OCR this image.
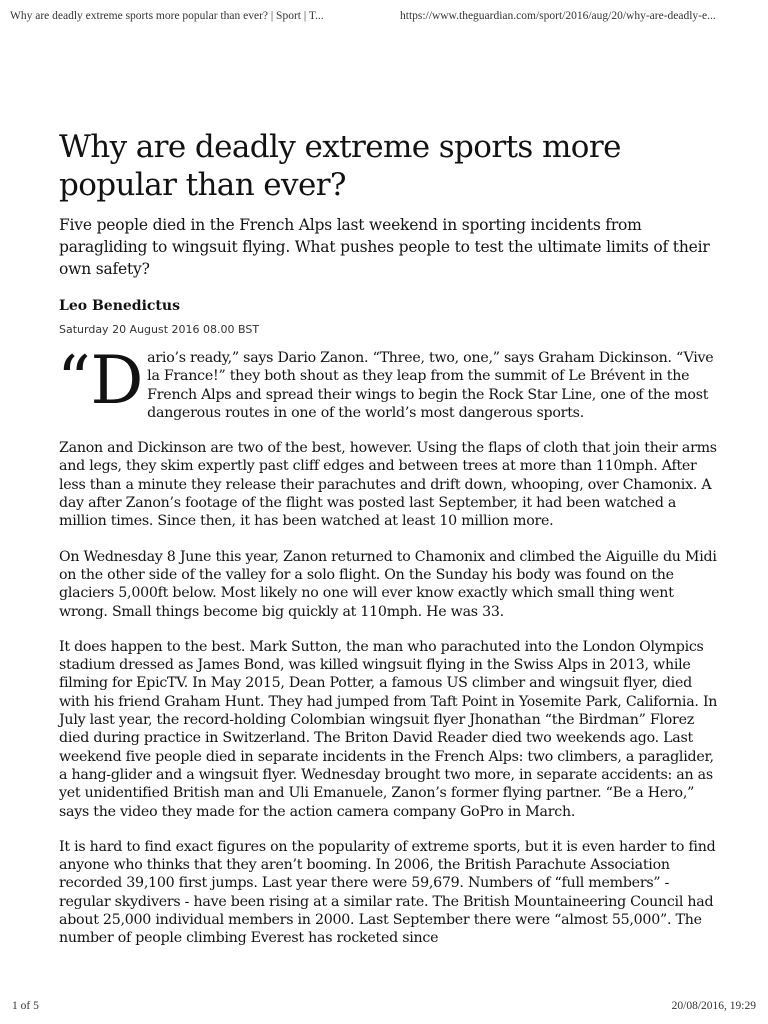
Why are deadly extreme sports more popular than ever? | Sport | T...	https://www.theguardian.com/sport/2016/aug/20/why-are-deadly-e...
Why are deadly extreme sports more popular than ever?
Five people died in the French Alps last weekend in sporting incidents from paragliding to wingsuit flying. What pushes people to test the ultimate limits of their own safety?
Leo Benedictus
Saturday 20 August 2016 08.00 BST

“Dario’s ready,” says Dario Zanon. “Three, two, one,” says Graham Dickinson. “Vive la France!” they both shout as they leap from the summit of Le Brévent in the French Alps and spread their wings to begin the Rock Star Line, one of the most dangerous routes in one of the world’s most dangerous sports.

Zanon and Dickinson are two of the best, however. Using the flaps of cloth that join their arms and legs, they skim expertly past cliff edges and between trees at more than 110mph. After less than a minute they release their parachutes and drift down, whooping, over Chamonix. A day after Zanon’s footage of the flight was posted last September, it had been watched a million times. Since then, it has been watched at least 10 million more.

On Wednesday 8 June this year, Zanon returned to Chamonix and climbed the Aiguille du Midi on the other side of the valley for a solo flight. On the Sunday his body was found on the glaciers 5,000ft below. Most likely no one will ever know exactly which small thing went wrong. Small things become big quickly at 110mph. He was 33.

It does happen to the best. Mark Sutton, the man who parachuted into the London Olympics stadium dressed as James Bond, was killed wingsuit flying in the Swiss Alps in 2013, while filming for EpicTV. In May 2015, Dean Potter, a famous US climber and wingsuit flyer, died with his friend Graham Hunt. They had jumped from Taft Point in Yosemite Park, California. In July last year, the record-holding Colombian wingsuit flyer Jhonathan “the Birdman” Florez died during practice in Switzerland. The Briton David Reader died two weekends ago. Last weekend five people died in separate incidents in the French Alps: two climbers, a paraglider, a hang-glider and a wingsuit flyer. Wednesday brought two more, in separate accidents: an as yet unidentified British man and Uli Emanuele, Zanon’s former flying partner. “Be a Hero,” says the video they made for the action camera company GoPro in March.

It is hard to find exact figures on the popularity of extreme sports, but it is even harder to find anyone who thinks that they aren’t booming. In 2006, the British Parachute Association recorded 39,100 first jumps. Last year there were 59,679. Numbers of “full members” - regular skydivers - have been rising at a similar rate. The British Mountaineering Council had about 25,000 individual members in 2000. Last September there were “almost 55,000”. The number of people climbing Everest has rocketed since

1 of 5	20/08/2016, 19:29
